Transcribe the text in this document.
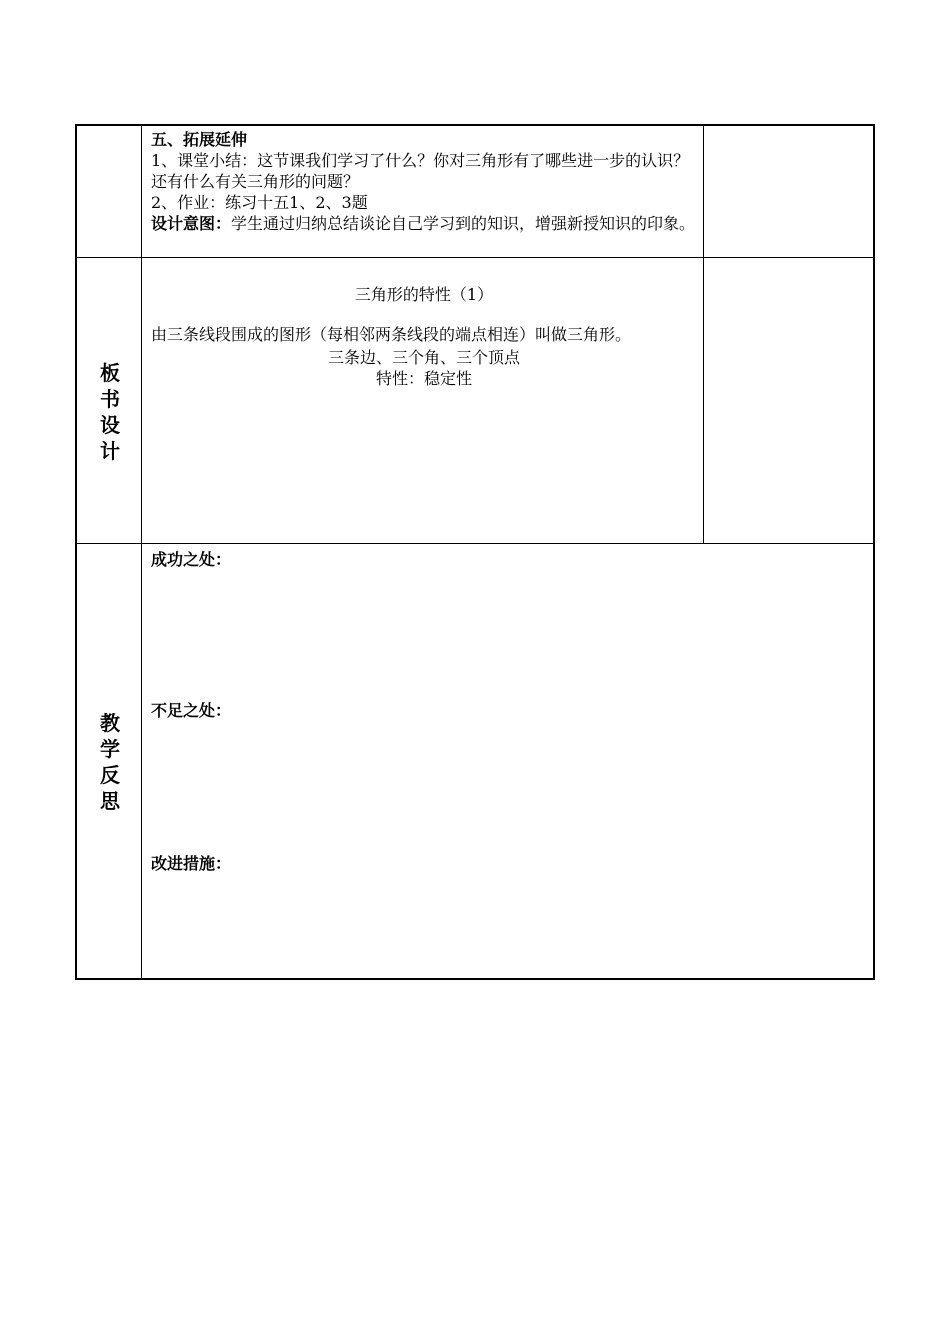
五、拓展延伸

1、课堂小结：这节课我们学习了什么？你对三角形有了哪些进一步的认识？还有什么有关三角形的问题？

2、作业：练习十五1、2、3题

设计意图：学生通过归纳总结谈论自己学习到的知识，增强新授知识的印象。

板
书
设
计

三角形的特性（1）

由三条线段围成的图形（每相邻两条线段的端点相连）叫做三角形。

三条边、三个角、三个顶点

特性：稳定性

教
学
反
思
成功之处：
不足之处：
改进措施：
